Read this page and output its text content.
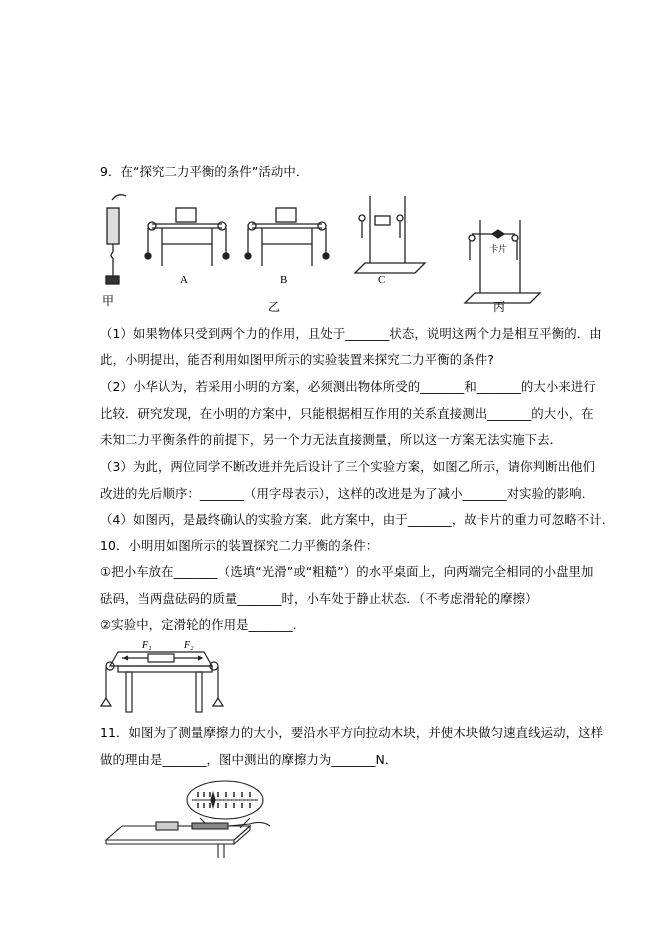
9．在“探究二力平衡的条件”活动中．
甲
A	B	C
乙
卡片
丙
（1）如果物体只受到两个力的作用，且处于_______状态，说明这两个力是相互平衡的．由
此，小明提出，能否利用如图甲所示的实验装置来探究二力平衡的条件?
（2）小华认为，若采用小明的方案，必须测出物体所受的_______和_______的大小来进行
比较．研究发现，在小明的方案中，只能根据相互作用的关系直接测出_______的大小，在
未知二力平衡条件的前提下，另一个力无法直接测量，所以这一方案无法实施下去．
（3）为此，两位同学不断改进并先后设计了三个实验方案，如图乙所示，请你判断出他们
改进的先后顺序：_______（用字母表示），这样的改进是为了减小_______对实验的影响．
（4）如图丙，是最终确认的实验方案．此方案中，由于_______，故卡片的重力可忽略不计．
10．小明用如图所示的装置探究二力平衡的条件：
①把小车放在_______（选填“光滑”或“粗糙”）的水平桌面上，向两端完全相同的小盘里加
砝码，当两盘砝码的质量_______时，小车处于静止状态．（不考虑滑轮的摩擦）
②实验中，定滑轮的作用是_______．
F₁	F₂
11．如图为了测量摩擦力的大小，要沿水平方向拉动木块，并使木块做匀速直线运动，这样
做的理由是_______，图中测出的摩擦力为_______N．
